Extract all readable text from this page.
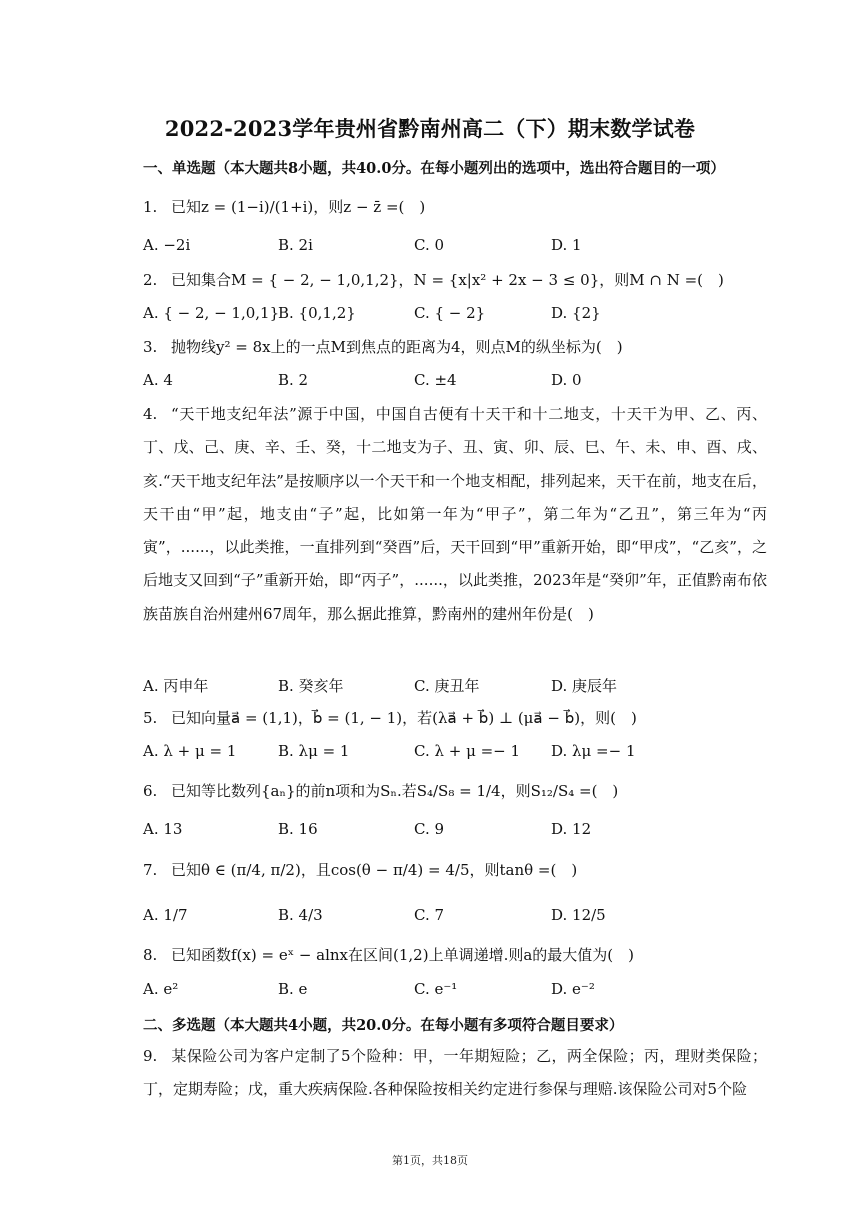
2022-2023学年贵州省黔南州高二（下）期末数学试卷
一、单选题（本大题共8小题，共40.0分。在每小题列出的选项中，选出符合题目的一项）
1. 已知z = (1−i)/(1+i)，则z − z̄ =(　)
A. −2i	B. 2i	C. 0	D. 1
2. 已知集合M = { − 2, − 1,0,1,2}，N = {x|x² + 2x − 3 ≤ 0}，则M ∩ N =(　)
A. { − 2, − 1,0,1}
B. {0,1,2}	C. { − 2}	D. {2}
3. 抛物线y² = 8x上的一点M到焦点的距离为4，则点M的纵坐标为(　)
A. 4	B. 2	C. ±4	D. 0
4. “天干地支纪年法”源于中国，中国自古便有十天干和十二地支，十天干为甲、乙、丙、丁、戊、己、庚、辛、壬、癸，十二地支为子、丑、寅、卯、辰、巳、午、未、申、酉、戌、亥.“天干地支纪年法”是按顺序以一个天干和一个地支相配，排列起来，天干在前，地支在后，天干由“甲”起，地支由“子”起，比如第一年为“甲子”，第二年为“乙丑”，第三年为“丙寅”，......，以此类推，一直排列到“癸酉”后，天干回到“甲”重新开始，即“甲戌”，“乙亥”，之后地支又回到“子”重新开始，即“丙子”，......，以此类推，2023年是“癸卯”年，正值黔南布依族苗族自治州建州67周年，那么据此推算，黔南州的建州年份是(　)
A. 丙申年	B. 癸亥年	C. 庚丑年	D. 庚辰年
5. 已知向量a⃗ = (1,1)，b⃗ = (1, − 1)，若(λa⃗ + b⃗) ⊥ (μa⃗ − b⃗)，则(　)
A. λ + μ = 1	B. λμ = 1	C. λ + μ =− 1 D. λμ =− 1
6. 已知等比数列{aₙ}的前n项和为Sₙ.若S₄/S₈ = 1/4，则S₁₂/S₄ =(　)
A. 13	B. 16	C. 9	D. 12
7. 已知θ ∈ (π/4, π/2)，且cos(θ − π/4) = 4/5，则tanθ =(　)
A. 1/7	B. 4/3	C. 7	D. 12/5
8. 已知函数f(x) = eˣ − alnx在区间(1,2)上单调递增.则a的最大值为(　)
A. e²	B. e	C. e⁻¹	D. e⁻²
二、多选题（本大题共4小题，共20.0分。在每小题有多项符合题目要求）
9. 某保险公司为客户定制了5个险种：甲，一年期短险；乙，两全保险；丙，理财类保险；丁，定期寿险；戊，重大疾病保险.各种保险按相关约定进行参保与理赔.该保险公司对5个险
第1页，共18页
